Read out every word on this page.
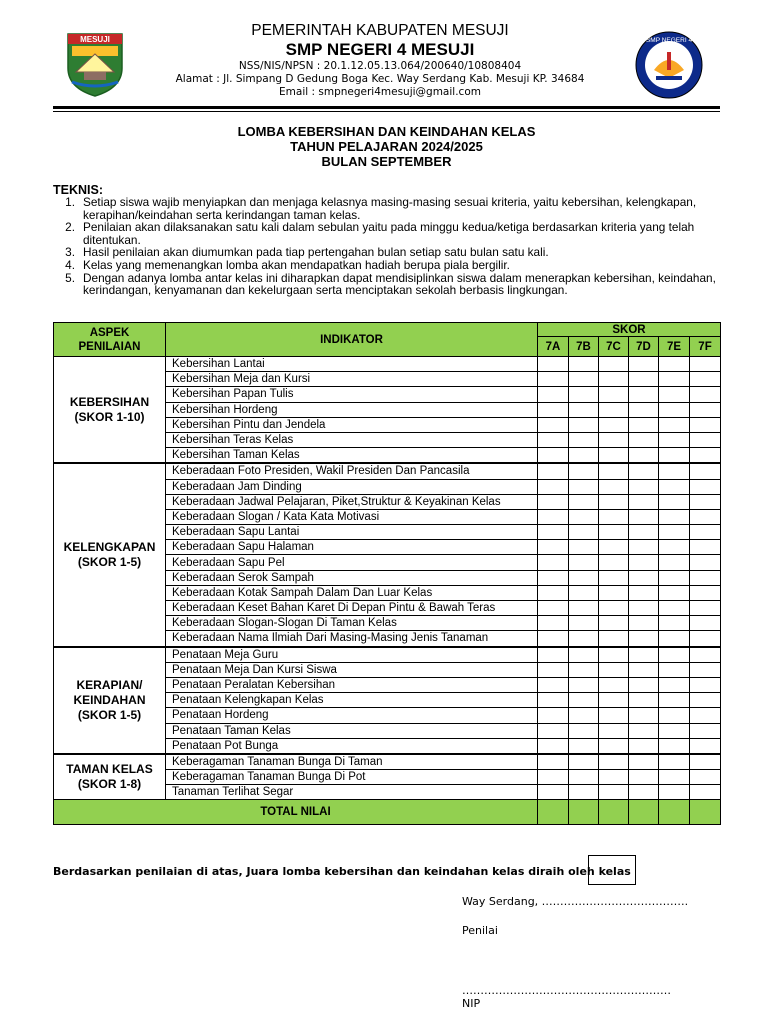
MESUJI	SMP NEGERI 4
PEMERINTAH KABUPATEN MESUJI
SMP NEGERI 4 MESUJI
NSS/NIS/NPSN : 20.1.12.05.13.064/200640/10808404
Alamat : Jl. Simpang D Gedung Boga Kec. Way Serdang Kab. Mesuji KP. 34684
Email : smpnegeri4mesuji@gmail.com
LOMBA KEBERSIHAN DAN KEINDAHAN KELAS
TAHUN PELAJARAN 2024/2025
BULAN SEPTEMBER
TEKNIS:
1. Setiap siswa wajib menyiapkan dan menjaga kelasnya masing-masing sesuai kriteria, yaitu kebersihan, kelengkapan, kerapihan/keindahan serta kerindangan taman kelas.
2. Penilaian akan dilaksanakan satu kali dalam sebulan yaitu pada minggu kedua/ketiga berdasarkan kriteria yang telah ditentukan.
3. Hasil penilaian akan diumumkan pada tiap pertengahan bulan setiap satu bulan satu kali.
4. Kelas yang memenangkan lomba akan mendapatkan hadiah berupa piala bergilir.
5. Dengan adanya lomba antar kelas ini diharapkan dapat mendisiplinkan siswa dalam menerapkan kebersihan, keindahan, kerindangan, kenyamanan dan kekelurgaan serta menciptakan sekolah berbasis lingkungan.
ASPEK PENILAIAN	INDIKATOR	SKOR					
		7A	7B	7C	7D	7E	7F
KEBERSIHAN
(SKOR 1-10)	Kebersihan Lantai						
	Kebersihan Meja dan Kursi						
	Kebersihan Papan Tulis						
	Kebersihan Hordeng						
	Kebersihan Pintu dan Jendela						
	Kebersihan Teras Kelas						
	Kebersihan Taman Kelas						
KELENGKAPAN
(SKOR 1-5)	Keberadaan Foto Presiden, Wakil Presiden Dan Pancasila						
	Keberadaan Jam Dinding						
	Keberadaan Jadwal Pelajaran, Piket,Struktur & Keyakinan Kelas						
	Keberadaan Slogan / Kata Kata Motivasi						
	Keberadaan Sapu Lantai						
	Keberadaan Sapu Halaman						
	Keberadaan Sapu Pel						
	Keberadaan Serok Sampah						
	Keberadaan Kotak Sampah Dalam Dan Luar Kelas						
	Keberadaan Keset Bahan Karet Di Depan Pintu & Bawah Teras						
	Keberadaan Slogan-Slogan Di Taman Kelas						
	Keberadaan Nama Ilmiah Dari Masing-Masing Jenis Tanaman						
KERAPIAN/
KEINDAHAN
(SKOR 1-5)	Penataan Meja Guru						
	Penataan Meja Dan Kursi Siswa						
	Penataan Peralatan Kebersihan						
	Penataan Kelengkapan Kelas						
	Penataan Hordeng						
	Penataan Taman Kelas						
	Penataan Pot Bunga						
TAMAN KELAS
(SKOR 1-8)	Keberagaman Tanaman Bunga Di Taman						
	Keberagaman Tanaman Bunga Di Pot						
	Tanaman Terlihat Segar						
TOTAL NILAI							
Berdasarkan penilaian di atas, Juara lomba kebersihan dan keindahan kelas diraih oleh kelas
Way Serdang, ………………………………….
Penilai
…………………………………………………
NIP
